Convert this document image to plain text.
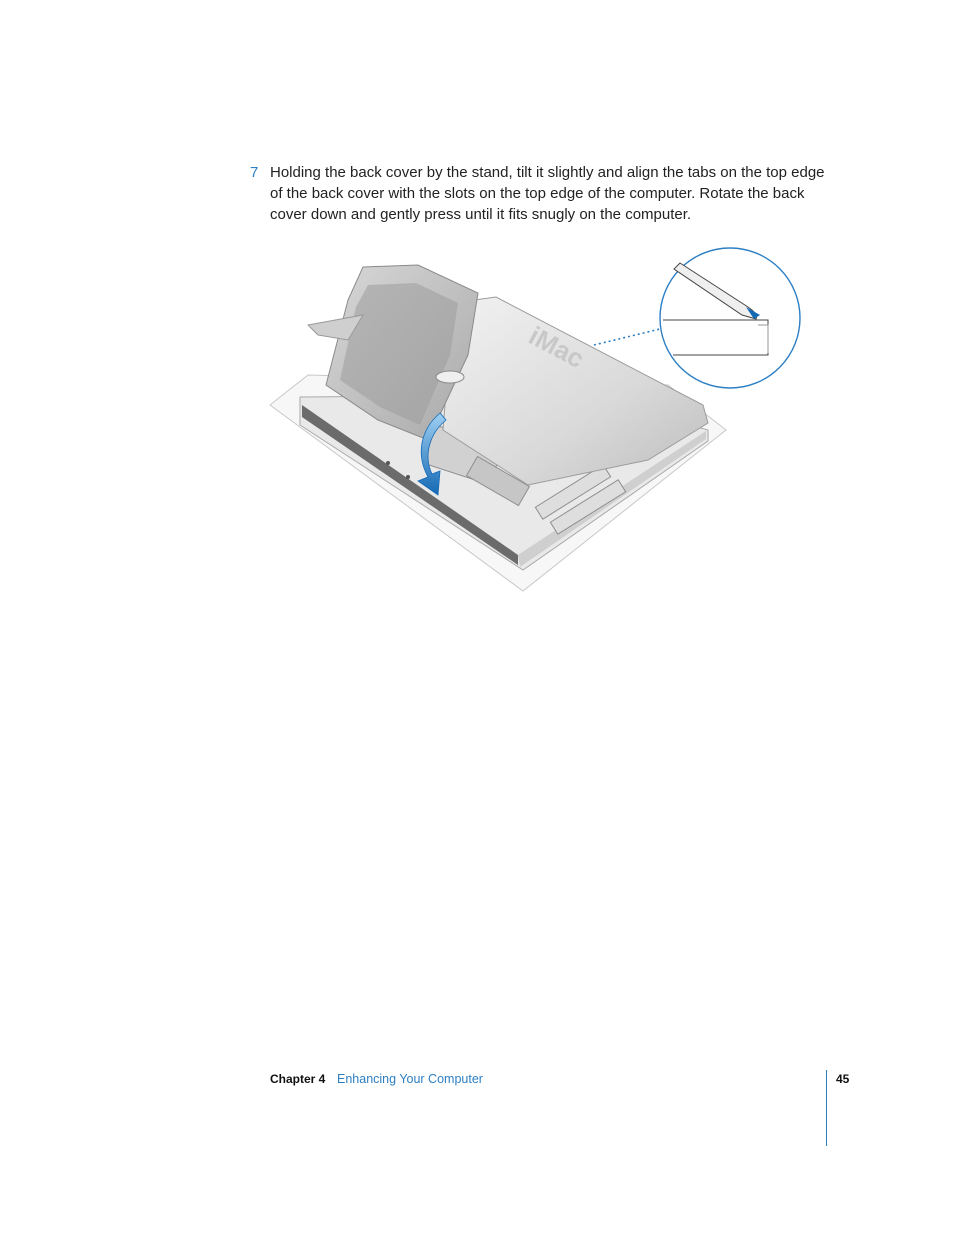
7 Holding the back cover by the stand, tilt it slightly and align the tabs on the top edge of the back cover with the slots on the top edge of the computer. Rotate the back cover down and gently press until it fits snugly on the computer.
iMac
Chapter 4 Enhancing Your Computer	45
